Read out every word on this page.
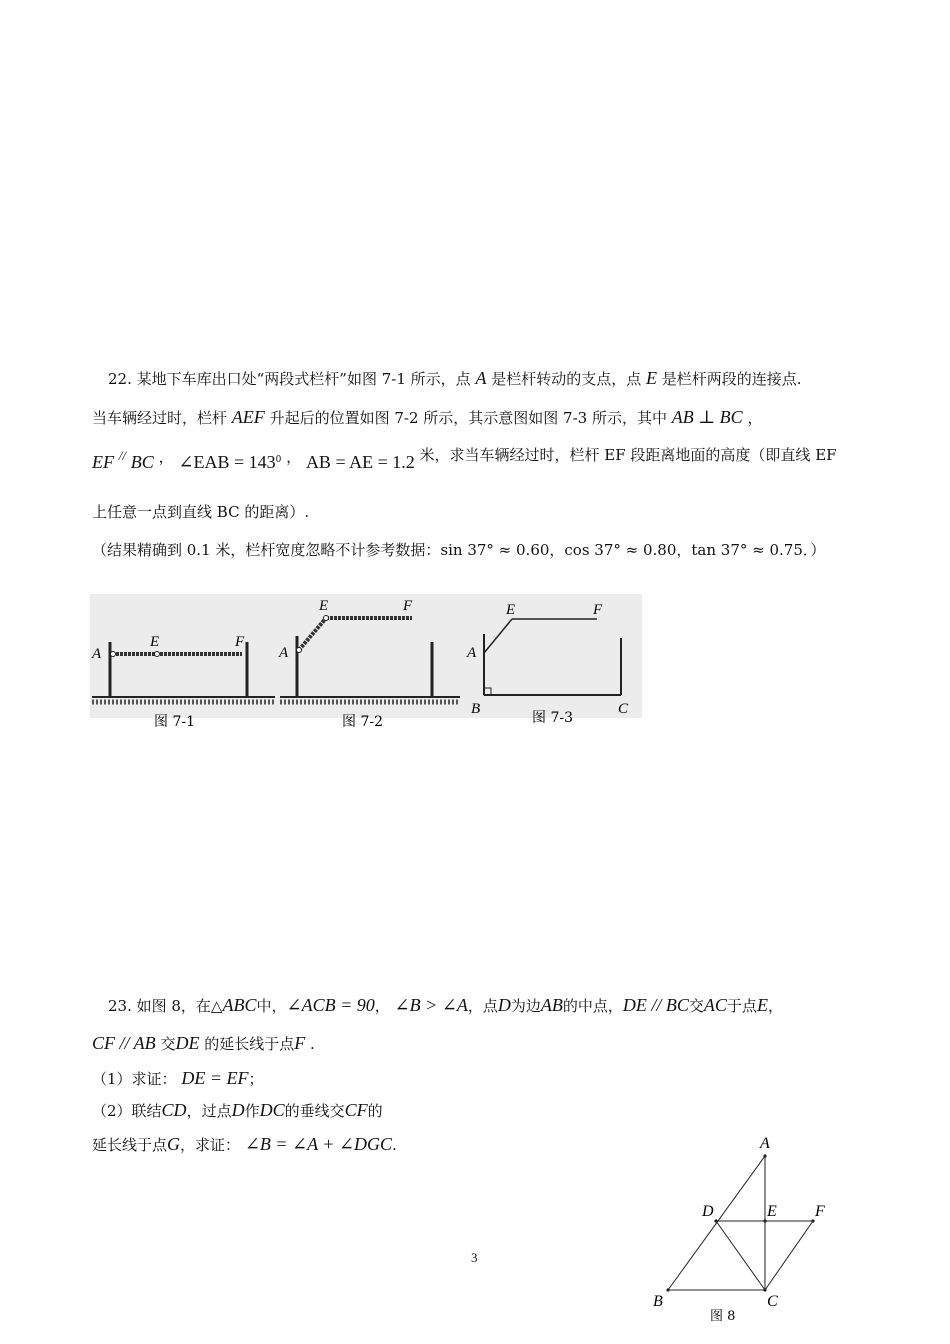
22. 某地下车库出口处“两段式栏杆”如图 7-1 所示，点 A 是栏杆转动的支点，点 E 是栏杆两段的连接点.
当车辆经过时，栏杆 AEF 升起后的位置如图 7-2 所示，其示意图如图 7-3 所示，其中 AB ⊥ BC ，
EF // BC ， ∠EAB = $143^0$ ， AB = AE = 1.2 米，求当车辆经过时，栏杆 EF 段距离地面的高度（即直线 EF
上任意一点到直线 BC 的距离）.
（结果精确到 0.1 米，栏杆宽度忽略不计参考数据：sin 37° ≈ 0.60，cos 37° ≈ 0.80，tan 37° ≈ 0.75．）
A
E	F
图 7-1
A
E	F
图 7-2
A
E	F
B	C
图 7-3
23. 如图 8，在△ABC中，∠ACB = 90， ∠B > ∠A，点D为边AB的中点，DE // BC交AC于点E，
CF // AB 交DE 的延长线于点F .
（1）求证： DE = EF；
（2）联结CD，过点D作DC的垂线交CF的
延长线于点G，求证： ∠B = ∠A + ∠DGC.	A
D	E F
B	C
图 8
3
